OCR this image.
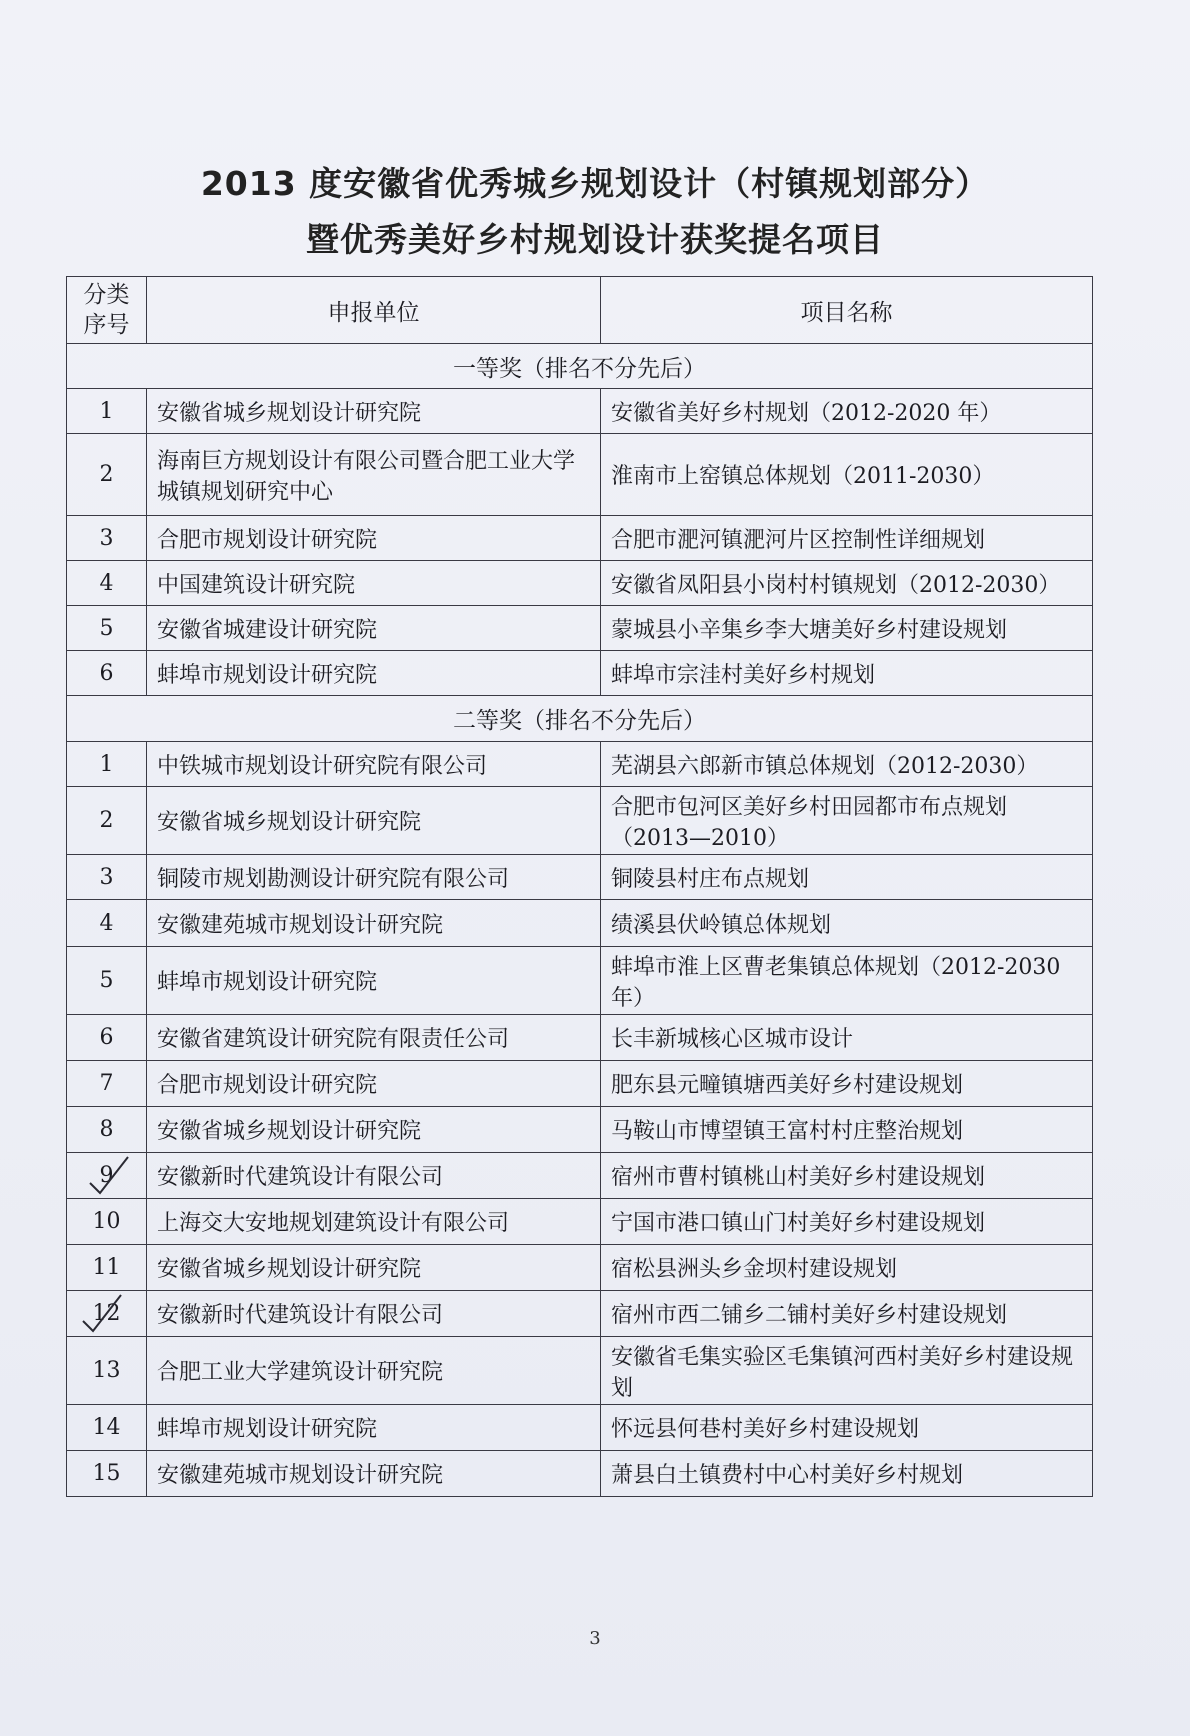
2013 度安徽省优秀城乡规划设计（村镇规划部分）
暨优秀美好乡村规划设计获奖提名项目
分类
序号	申报单位	项目名称
一等奖（排名不分先后）		
1	安徽省城乡规划设计研究院	安徽省美好乡村规划（2012-2020 年）
2	海南巨方规划设计有限公司暨合肥工业大学城镇规划研究中心	淮南市上窑镇总体规划（2011-2030）
3	合肥市规划设计研究院	合肥市淝河镇淝河片区控制性详细规划
4	中国建筑设计研究院	安徽省凤阳县小岗村村镇规划（2012-2030）
5	安徽省城建设计研究院	蒙城县小辛集乡李大塘美好乡村建设规划
6	蚌埠市规划设计研究院	蚌埠市宗洼村美好乡村规划
二等奖（排名不分先后）		
1	中铁城市规划设计研究院有限公司	芜湖县六郎新市镇总体规划（2012-2030）
2	安徽省城乡规划设计研究院	合肥市包河区美好乡村田园都市布点规划（2013—2010）
3	铜陵市规划勘测设计研究院有限公司	铜陵县村庄布点规划
4	安徽建苑城市规划设计研究院	绩溪县伏岭镇总体规划
5	蚌埠市规划设计研究院	蚌埠市淮上区曹老集镇总体规划（2012-2030 年）
6	安徽省建筑设计研究院有限责任公司	长丰新城核心区城市设计
7	合肥市规划设计研究院	肥东县元疃镇塘西美好乡村建设规划
8	安徽省城乡规划设计研究院	马鞍山市博望镇王富村村庄整治规划
9	安徽新时代建筑设计有限公司	宿州市曹村镇桃山村美好乡村建设规划
10	上海交大安地规划建筑设计有限公司	宁国市港口镇山门村美好乡村建设规划
11	安徽省城乡规划设计研究院	宿松县洲头乡金坝村建设规划
12	安徽新时代建筑设计有限公司	宿州市西二铺乡二铺村美好乡村建设规划
13	合肥工业大学建筑设计研究院	安徽省毛集实验区毛集镇河西村美好乡村建设规划
14	蚌埠市规划设计研究院	怀远县何巷村美好乡村建设规划
15	安徽建苑城市规划设计研究院	萧县白土镇费村中心村美好乡村规划
3
